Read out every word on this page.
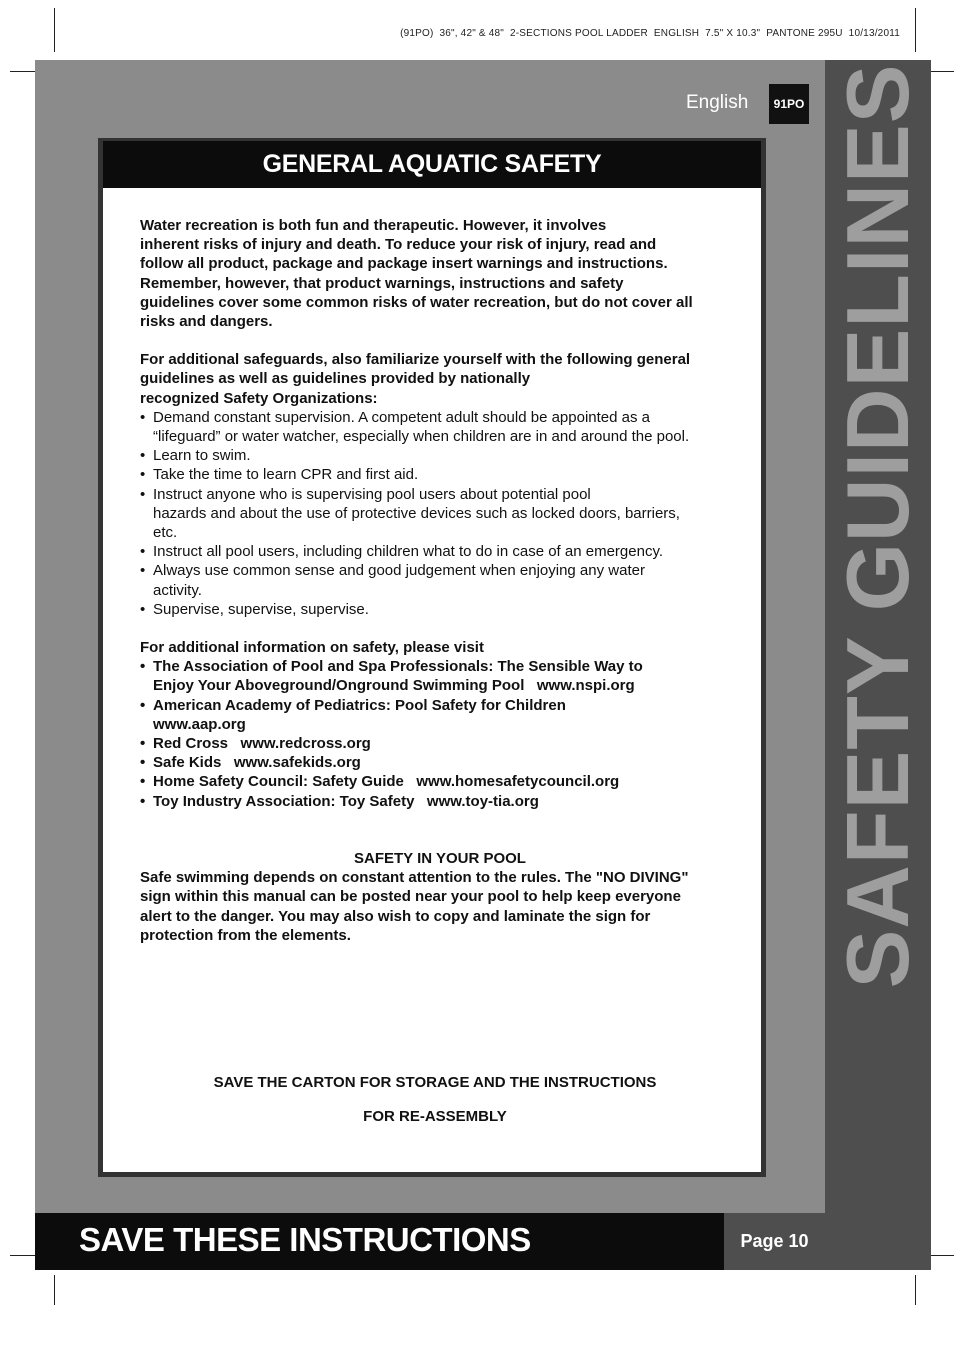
(91PO)  36", 42" & 48"  2-SECTIONS POOL LADDER  ENGLISH  7.5" X 10.3"  PANTONE 295U  10/13/2011
SAFETY GUIDELINES
English	91PO
GENERAL AQUATIC SAFETY

Water recreation is both fun and therapeutic. However, it involves

inherent risks of injury and death. To reduce your risk of injury, read and

follow all product, package and package insert warnings and instructions.

Remember, however, that product warnings, instructions and safety

guidelines cover some common risks of water recreation, but do not cover all

risks and dangers.

For additional safeguards, also familiarize yourself with the following general

guidelines as well as guidelines provided by nationally

recognized Safety Organizations:

• Demand constant supervision. A competent adult should be appointed as a

“lifeguard” or water watcher, especially when children are in and around the pool.

• Learn to swim.

• Take the time to learn CPR and first aid.

• Instruct anyone who is supervising pool users about potential pool

hazards and about the use of protective devices such as locked doors, barriers,

etc.

• Instruct all pool users, including children what to do in case of an emergency.

• Always use common sense and good judgement when enjoying any water

activity.

• Supervise, supervise, supervise.

For additional information on safety, please visit

• The Association of Pool and Spa Professionals: The Sensible Way to

Enjoy Your Aboveground/Onground Swimming Pool   www.nspi.org

• American Academy of Pediatrics: Pool Safety for Children

www.aap.org

• Red Cross   www.redcross.org

• Safe Kids   www.safekids.org

• Home Safety Council: Safety Guide   www.homesafetycouncil.org

• Toy Industry Association: Toy Safety   www.toy-tia.org

SAFETY IN YOUR POOL

Safe swimming depends on constant attention to the rules. The "NO DIVING"

sign within this manual can be posted near your pool to help keep everyone

alert to the danger. You may also wish to copy and laminate the sign for

protection from the elements.

SAVE THE CARTON FOR STORAGE AND THE INSTRUCTIONS

FOR RE-ASSEMBLY

SAVE THESE INSTRUCTIONS	Page 10
